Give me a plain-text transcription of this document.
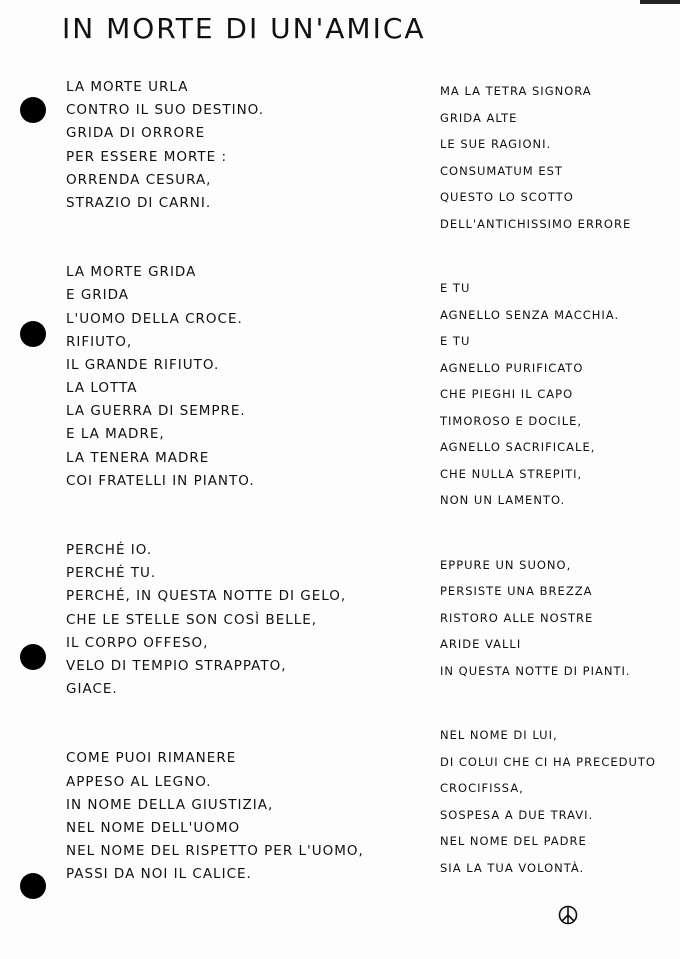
IN MORTE DI UN'AMICA
LA MORTE URLA
CONTRO IL SUO DESTINO.
GRIDA DI ORRORE
PER ESSERE MORTE :
ORRENDA CESURA,
STRAZIO DI CARNI.
LA MORTE GRIDA
E GRIDA
L'UOMO DELLA CROCE.
RIFIUTO,
IL GRANDE RIFIUTO.
LA LOTTA
LA GUERRA DI SEMPRE.
E LA MADRE,
LA TENERA MADRE
COI FRATELLI IN PIANTO.
PERCHÉ IO.
PERCHÉ TU.
PERCHÉ, IN QUESTA NOTTE DI GELO,
CHE LE STELLE SON COSÌ BELLE,
IL CORPO OFFESO,
VELO DI TEMPIO STRAPPATO,
GIACE.
COME PUOI RIMANERE
APPESO AL LEGNO.
IN NOME DELLA GIUSTIZIA,
NEL NOME DELL'UOMO
NEL NOME DEL RISPETTO PER L'UOMO,
PASSI DA NOI IL CALICE.
MA LA TETRA SIGNORA
GRIDA ALTE
LE SUE RAGIONI.
CONSUMATUM EST
QUESTO LO SCOTTO
DELL'ANTICHISSIMO ERRORE
E TU
AGNELLO SENZA MACCHIA.
E TU
AGNELLO PURIFICATO
CHE PIEGHI IL CAPO
TIMOROSO E DOCILE,
AGNELLO SACRIFICALE,
CHE NULLA STREPITI,
NON UN LAMENTO.
EPPURE UN SUONO,
PERSISTE UNA BREZZA
RISTORO ALLE NOSTRE
ARIDE VALLI
IN QUESTA NOTTE DI PIANTI.
NEL NOME DI LUI,
DI COLUI CHE CI HA PRECEDUTO
CROCIFISSA,
SOSPESA A DUE TRAVI.
NEL NOME DEL PADRE
SIA LA TUA VOLONTÀ.
